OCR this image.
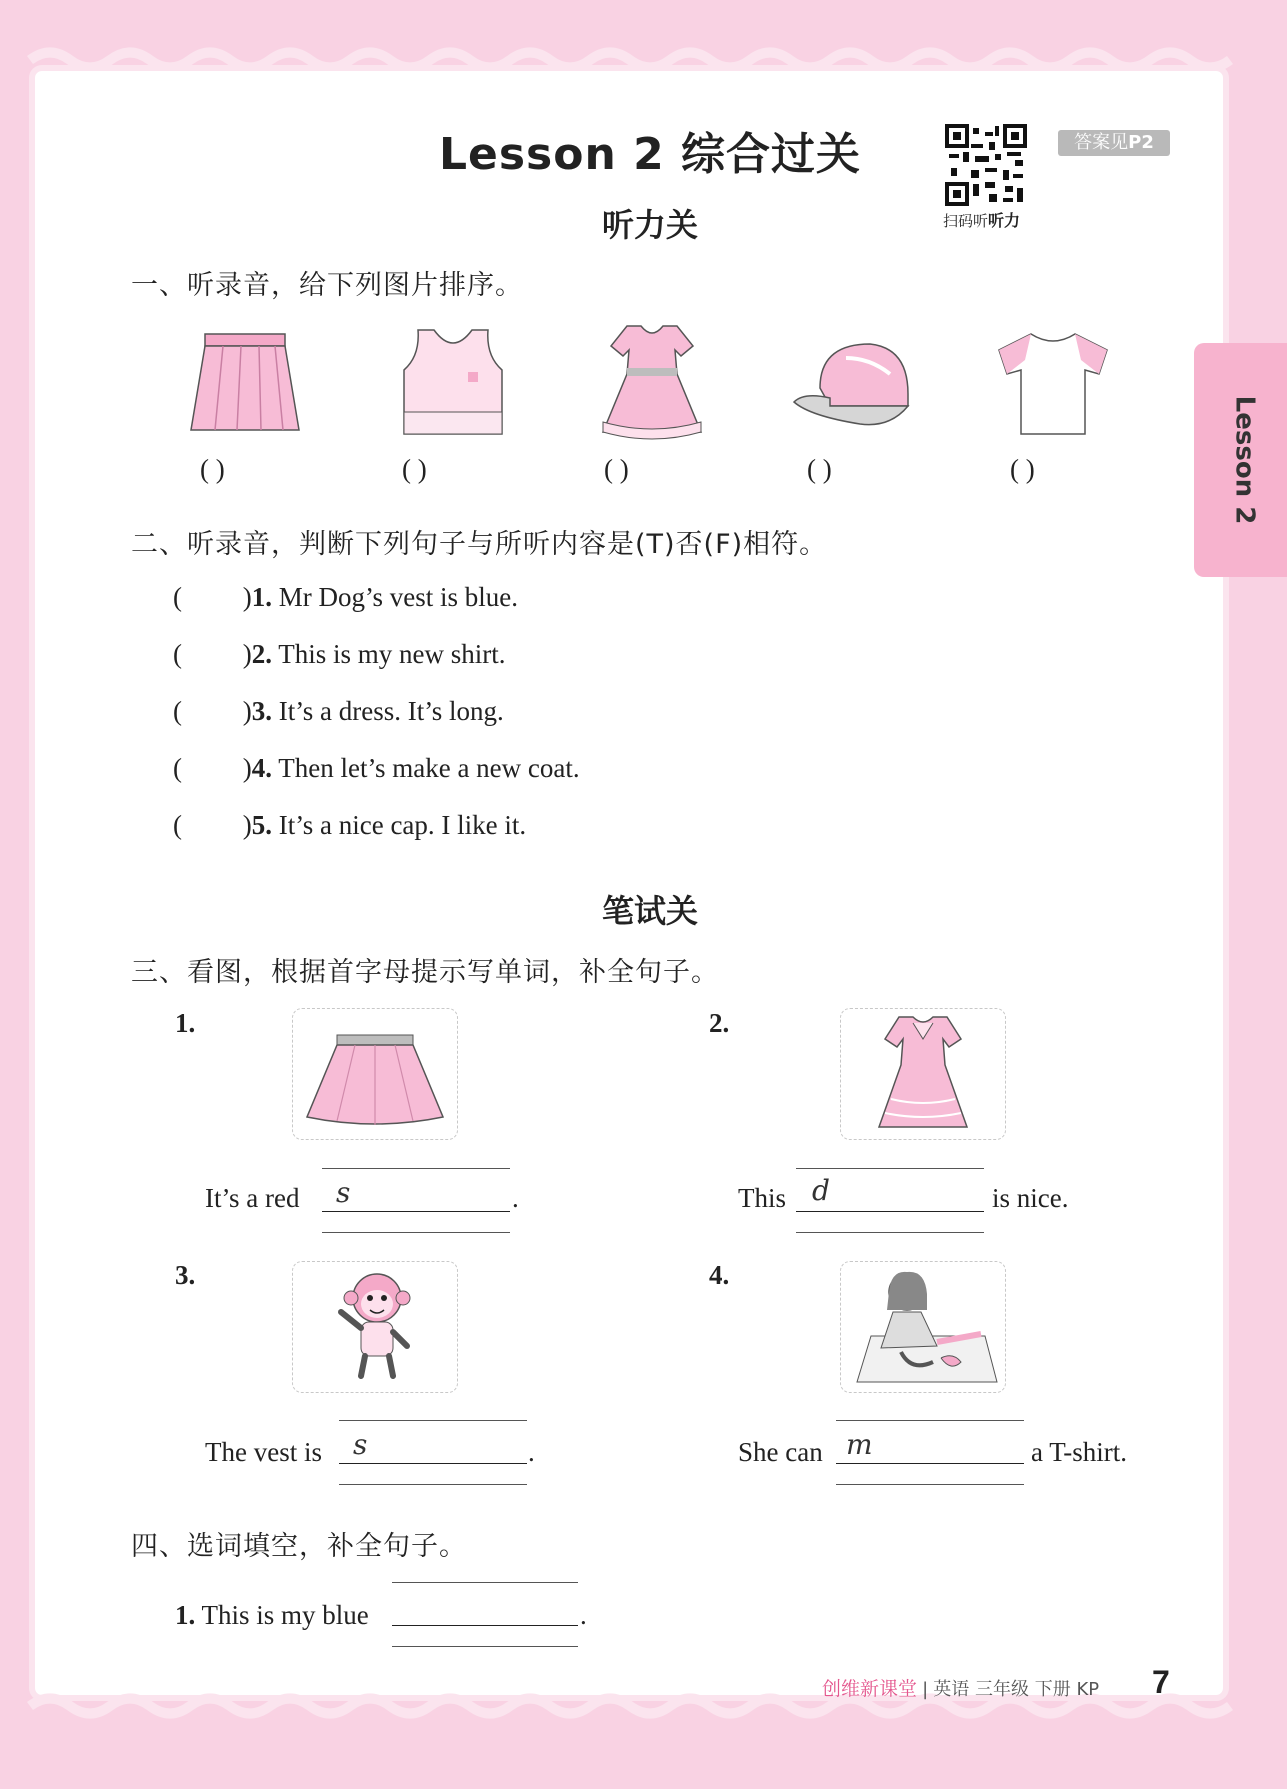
Lesson 2 综合过关	答案见P2
扫码听听力
Lesson 2
听力关
一、听录音，给下列图片排序。
( )	( )	( )	( )	( )
二、听录音，判断下列句子与所听内容是(T)否(F)相符。
(         )1. Mr Dog’s vest is blue.
(         )2. This is my new shirt.
(         )3. It’s a dress. It’s long.
(         )4. Then let’s make a new coat.
(         )5. It’s a nice cap. I like it.
笔试关
三、看图，根据首字母提示写单词，补全句子。
1.
It’s a red s	.
2.
This d	is nice.
3.
The vest is s	.
4.
She can m	a T-shirt.
四、选词填空，补全句子。
1. This is my blue	.
创维新课堂 | 英语 三年级 下册 KP 7
